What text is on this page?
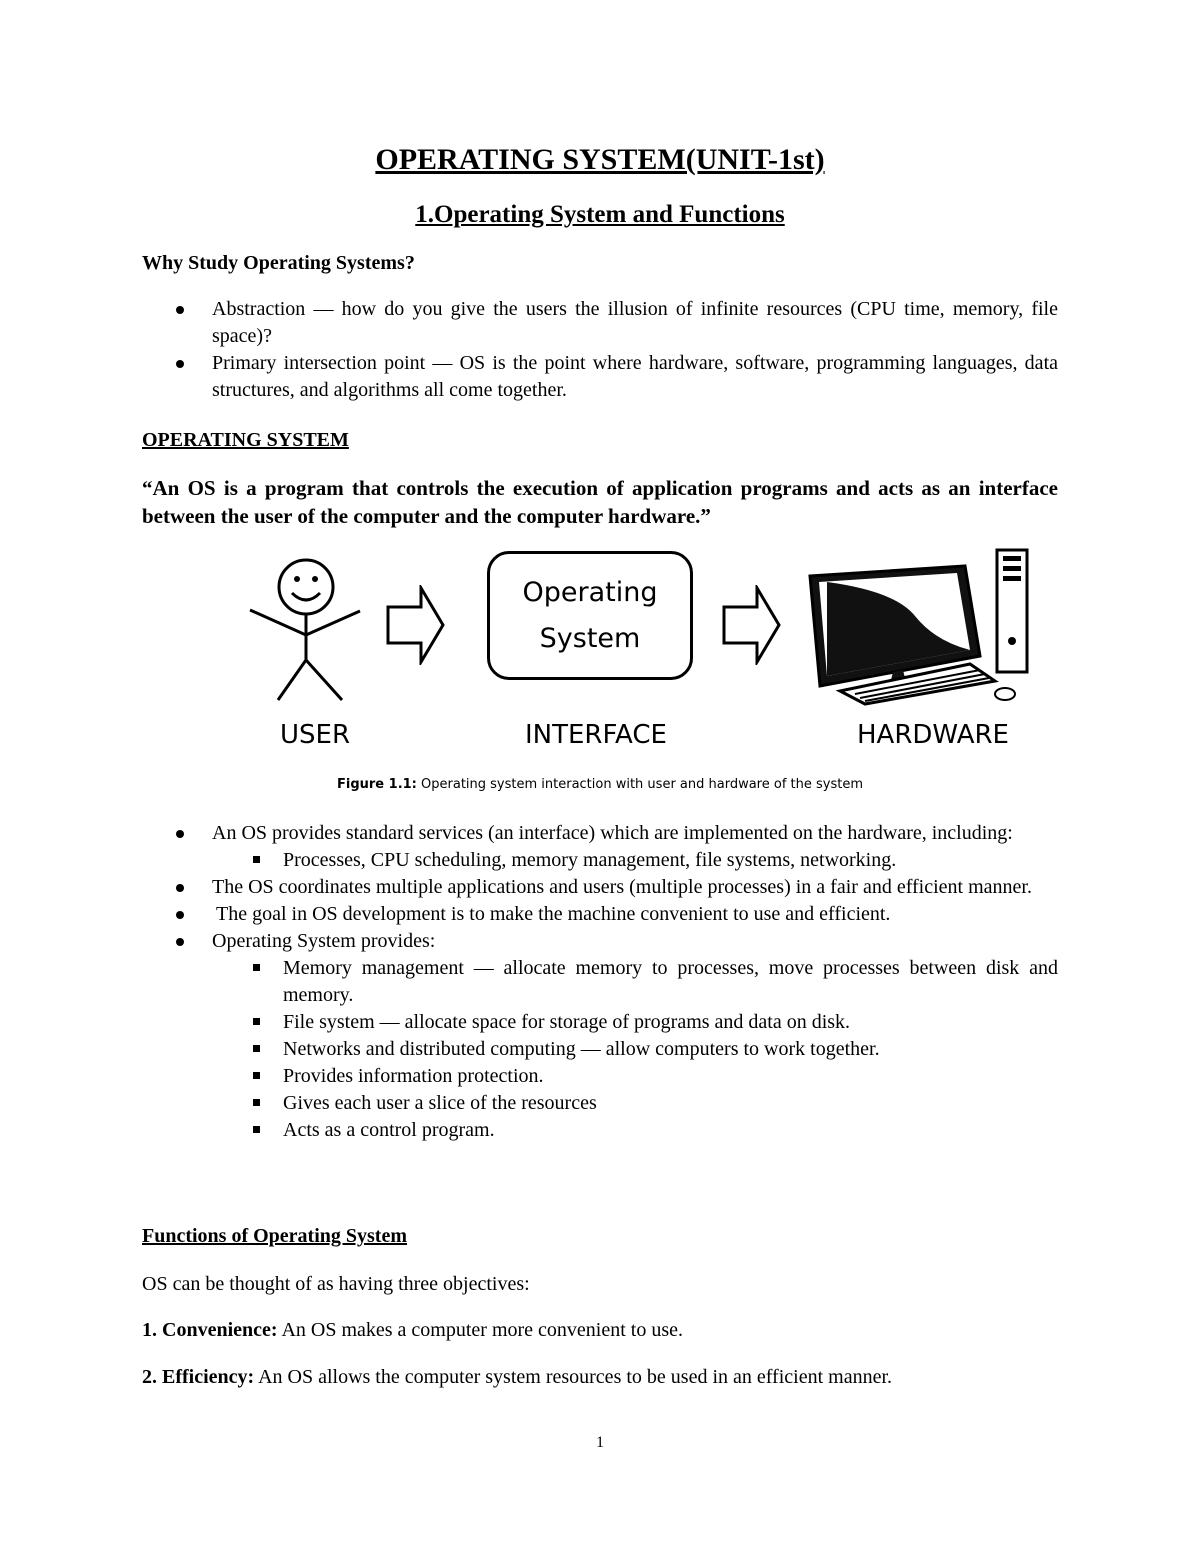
OPERATING SYSTEM(UNIT-1st)
1.Operating System and Functions
Why Study Operating Systems?
Abstraction — how do you give the users the illusion of infinite resources (CPU time, memory, file space)?
Primary intersection point — OS is the point where hardware, software, programming languages, data structures, and algorithms all come together.
OPERATING SYSTEM
“An OS is a program that controls the execution of application programs and acts as an interface between the user of the computer and the computer hardware.”
Operating
System
USER	INTERFACE	HARDWARE
Figure 1.1: Operating system interaction with user and hardware of the system
An OS provides standard services (an interface) which are implemented on the hardware, including:
Processes, CPU scheduling, memory management, file systems, networking.
The OS coordinates multiple applications and users (multiple processes) in a fair and efficient manner.
The goal in OS development is to make the machine convenient to use and efficient.
Operating System provides:
Memory management — allocate memory to processes, move processes between disk and memory.
File system — allocate space for storage of programs and data on disk.
Networks and distributed computing — allow computers to work together.
Provides information protection.
Gives each user a slice of the resources
Acts as a control program.
Functions of Operating System
OS can be thought of as having three objectives:
1. Convenience: An OS makes a computer more convenient to use.
2. Efficiency: An OS allows the computer system resources to be used in an efficient manner.
1
